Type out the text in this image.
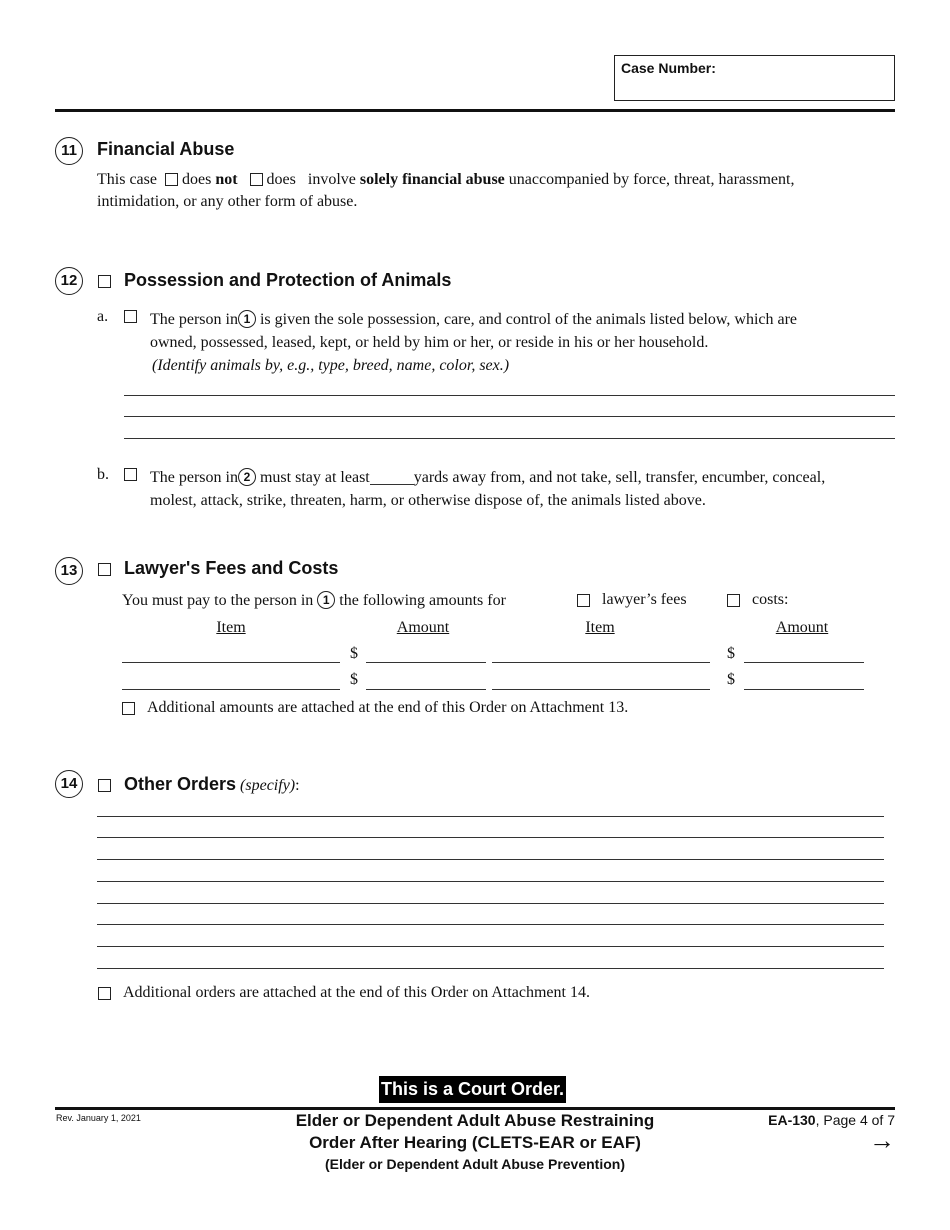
Case Number:
11	Financial Abuse
This case does not does involve solely financial abuse unaccompanied by force, threat, harassment,
intimidation, or any other form of abuse.
12	Possession and Protection of Animals
a.	The person in 1 is given the sole possession, care, and control of the animals listed below, which are
owned, possessed, leased, kept, or held by him or her, or reside in his or her household.
(Identify animals by, e.g., type, breed, name, color, sex.)
b.	The person in 2 must stay at least	yards away from, and not take, sell, transfer, encumber, conceal,
molest, attack, strike, threaten, harm, or otherwise dispose of, the animals listed above.
13	Lawyer's Fees and Costs
You must pay to the person in 1 the following amounts for	lawyer’s fees	costs:
Item	Amount	Item	Amount
$	$
$	$
Additional amounts are attached at the end of this Order on Attachment 13.
14	Other Orders (specify):
Additional orders are attached at the end of this Order on Attachment 14.
This is a Court Order.
Rev. January 1, 2021	Elder or Dependent Adult Abuse Restraining
Order After Hearing (CLETS-EAR or EAF)
(Elder or Dependent Adult Abuse Prevention)
EA-130, Page 4 of 7
→
